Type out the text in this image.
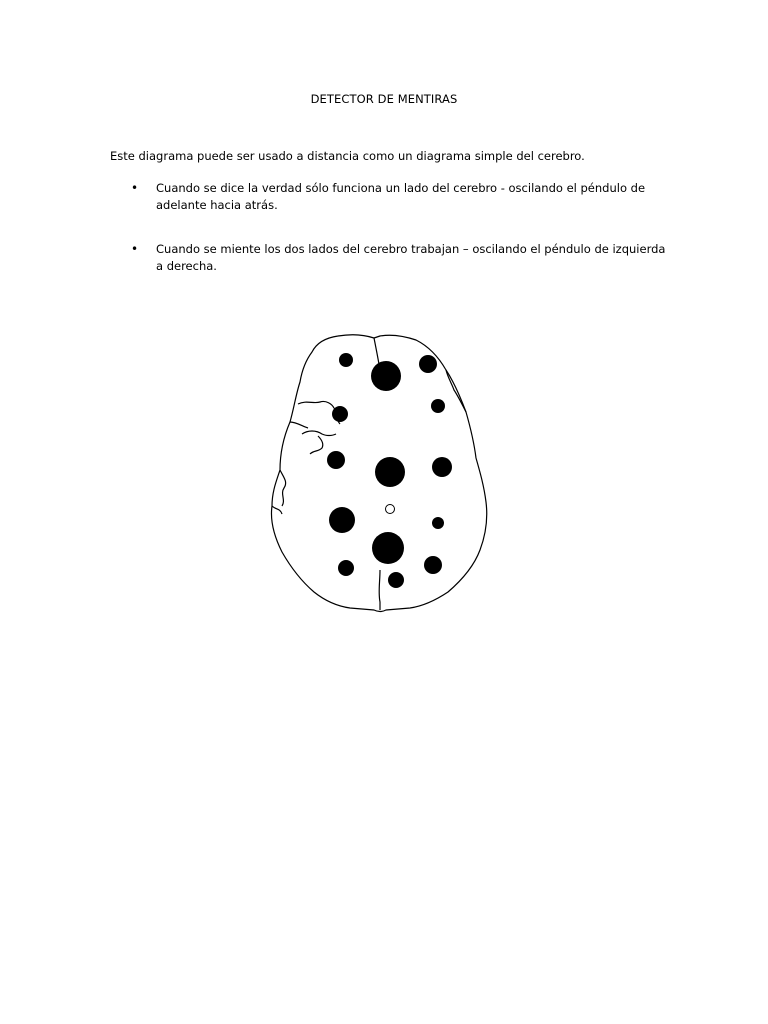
DETECTOR DE MENTIRAS
Este diagrama puede ser usado a distancia como un diagrama simple del cerebro.
• Cuando se dice la verdad sólo funciona un lado del cerebro - oscilando el péndulo de adelante hacia atrás.
• Cuando se miente los dos lados del cerebro trabajan – oscilando el péndulo de izquierda a derecha.
